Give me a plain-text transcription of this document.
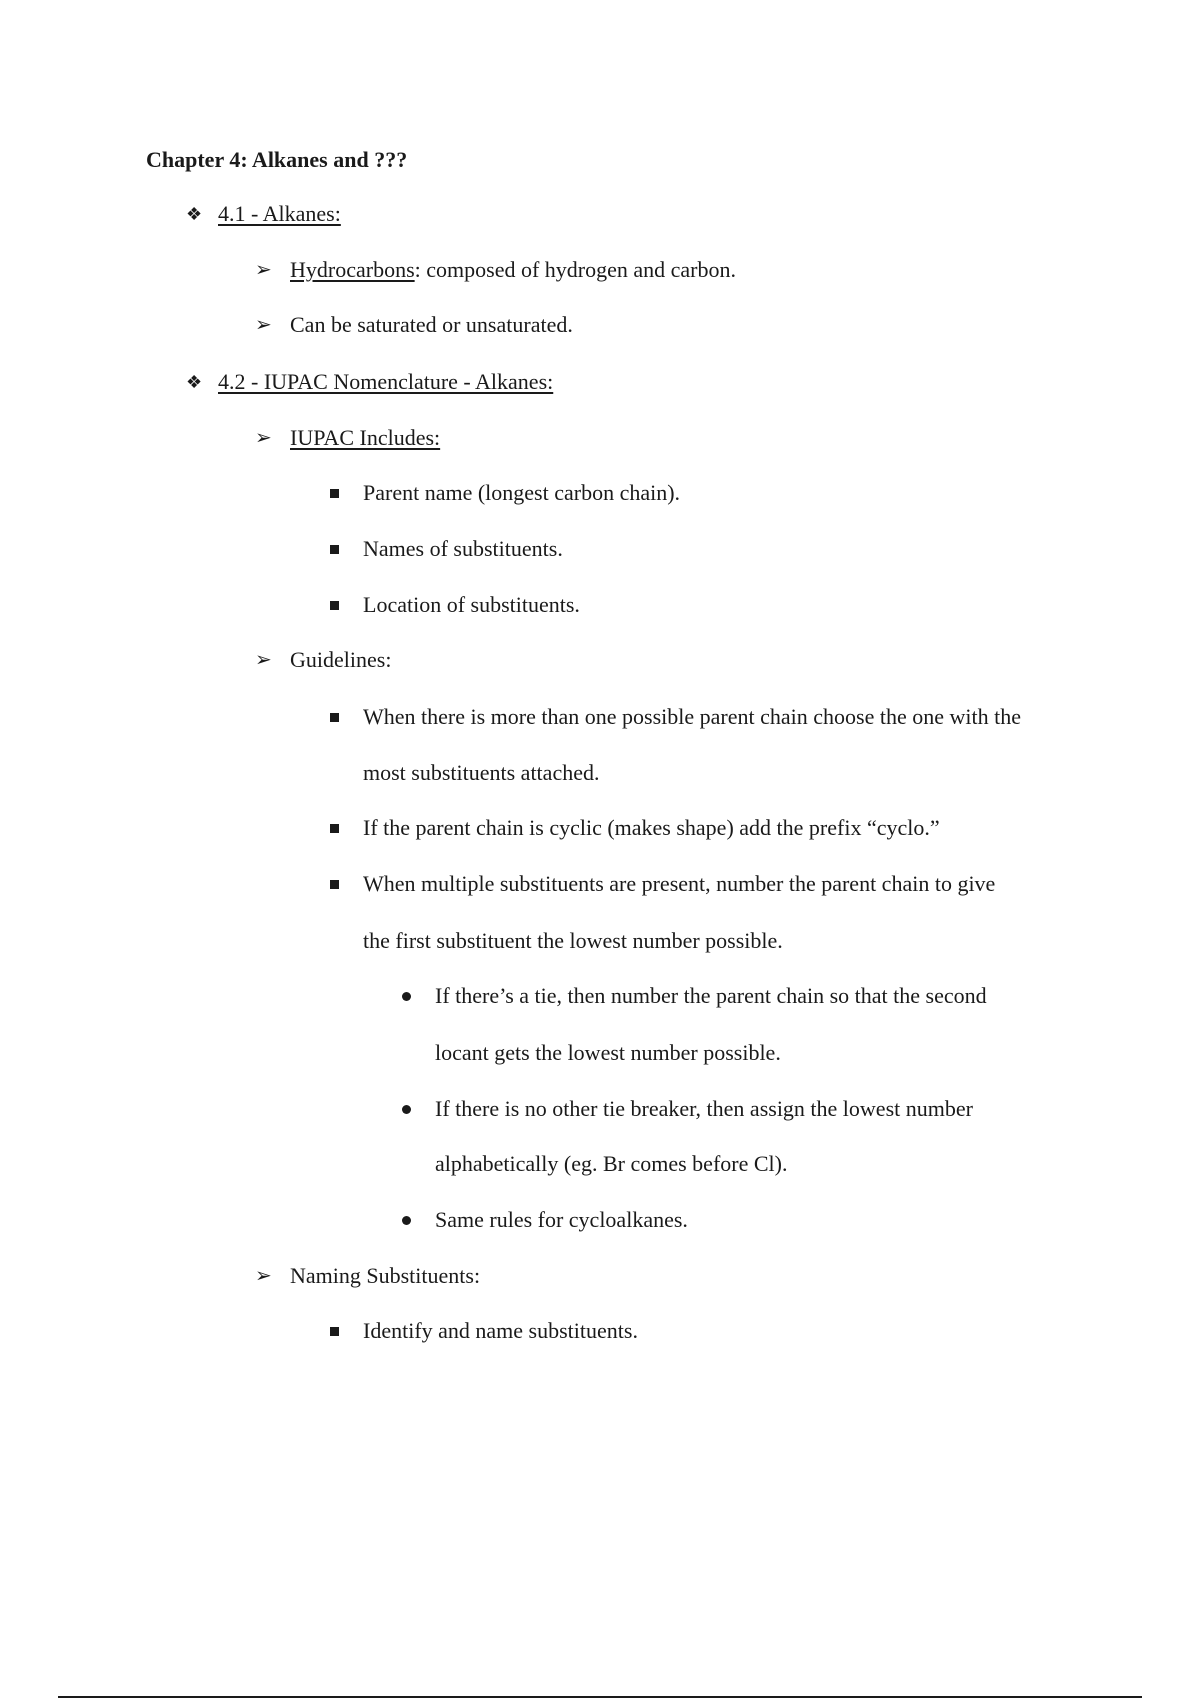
Chapter 4: Alkanes and ???
❖ 4.1 - Alkanes:
➢ Hydrocarbons: composed of hydrogen and carbon.
➢ Can be saturated or unsaturated.
❖ 4.2 - IUPAC Nomenclature - Alkanes:
➢ IUPAC Includes:
Parent name (longest carbon chain).
Names of substituents.
Location of substituents.
➢ Guidelines:
When there is more than one possible parent chain choose the one with the
most substituents attached.
If the parent chain is cyclic (makes shape) add the prefix “cyclo.”
When multiple substituents are present, number the parent chain to give
the first substituent the lowest number possible.
If there’s a tie, then number the parent chain so that the second
locant gets the lowest number possible.
If there is no other tie breaker, then assign the lowest number
alphabetically (eg. Br comes before Cl).
Same rules for cycloalkanes.
➢ Naming Substituents:
Identify and name substituents.
